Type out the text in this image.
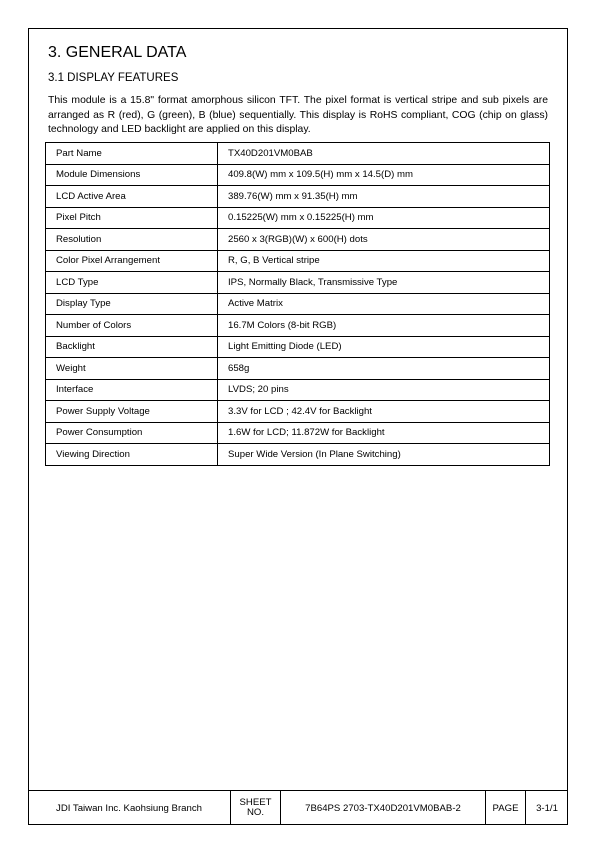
3. GENERAL DATA
3.1 DISPLAY FEATURES

This module is a 15.8" format amorphous silicon TFT. The pixel format is vertical stripe and sub pixels are arranged as R (red), G (green), B (blue) sequentially. This display is RoHS compliant, COG (chip on glass) technology and LED backlight are applied on this display.

Part Name	TX40D201VM0BAB
Module Dimensions	409.8(W) mm x 109.5(H) mm x 14.5(D) mm
LCD Active Area	389.76(W) mm x 91.35(H) mm
Pixel Pitch	0.15225(W) mm x 0.15225(H) mm
Resolution	2560 x 3(RGB)(W) x 600(H) dots
Color Pixel Arrangement	R, G, B Vertical stripe
LCD Type	IPS, Normally Black, Transmissive Type
Display Type	Active Matrix
Number of Colors	16.7M Colors (8-bit RGB)
Backlight	Light Emitting Diode (LED)
Weight	658g
Interface	LVDS; 20 pins
Power Supply Voltage	3.3V for LCD ; 42.4V for Backlight
Power Consumption	1.6W for LCD; 11.872W for Backlight
Viewing Direction	Super Wide Version (In Plane Switching)
JDI Taiwan Inc. Kaohsiung Branch	SHEET
NO.	7B64PS 2703-TX40D201VM0BAB-2	PAGE	3-1/1
